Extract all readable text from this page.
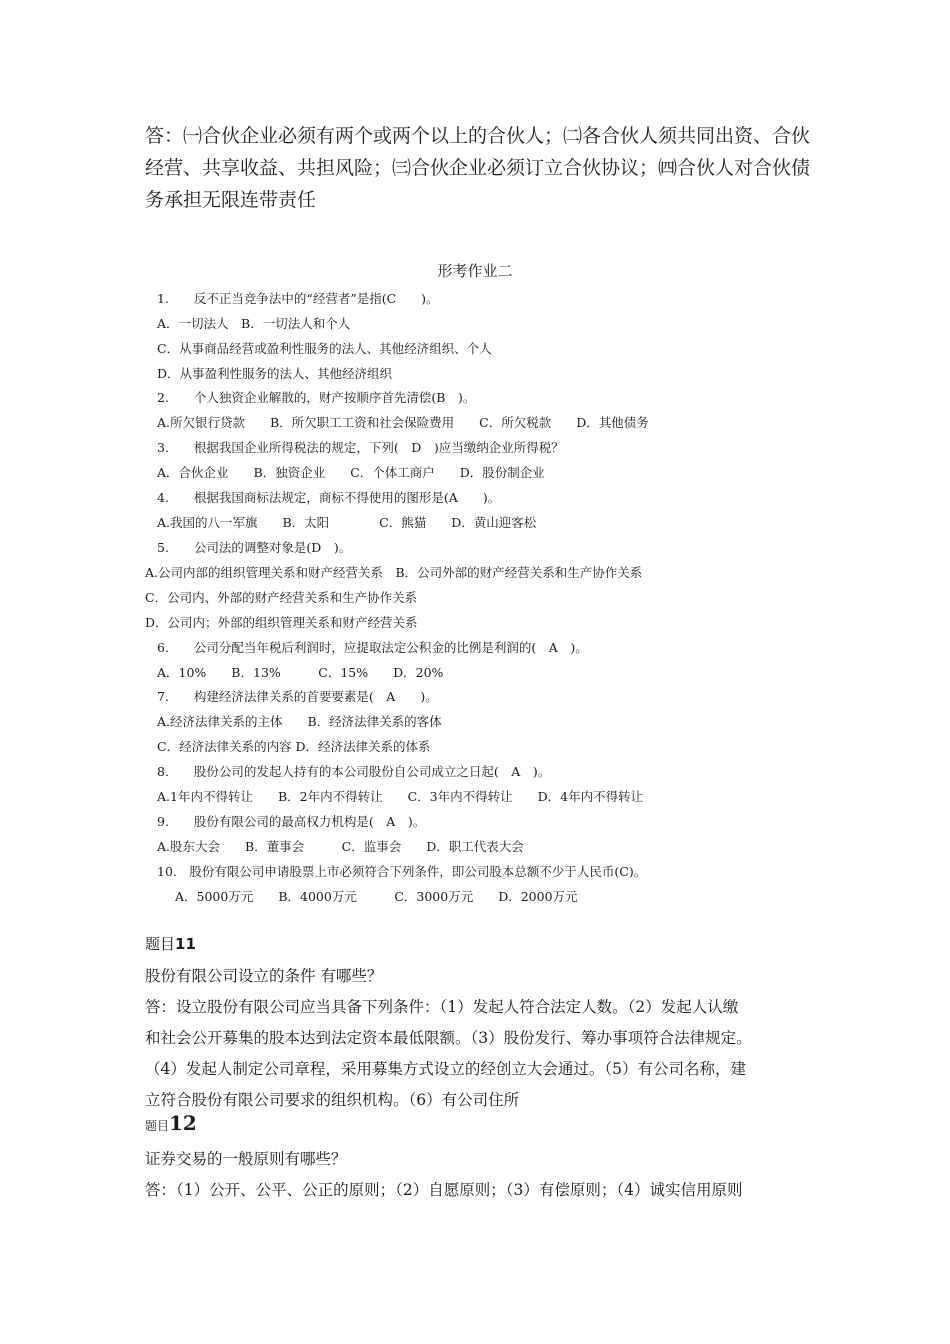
答：㈠合伙企业必须有两个或两个以上的合伙人；㈡各合伙人须共同出资、合伙
经营、共享收益、共担风险；㈢合伙企业必须订立合伙协议；㈣合伙人对合伙债
务承担无限连带责任
形考作业二
1.　　反不正当竞争法中的“经营者”是指(C　　)。
A．一切法人　B．一切法人和个人
C．从事商品经营或盈利性服务的法人、其他经济组织、个人
D．从事盈利性服务的法人、其他经济组织
2.　　个人独资企业解散的，财产按顺序首先清偿(B　)。
A.所欠银行贷款　　B．所欠职工工资和社会保险费用　　C．所欠税款　　D．其他债务
3.　　根据我国企业所得税法的规定，下列(　D　)应当缴纳企业所得税？
A．合伙企业　　B．独资企业　　C．个体工商户　　D．股份制企业
4.　　根据我国商标法规定，商标不得使用的图形是(A　　)。
A.我国的八一军旗　　B．太阳　　　　C．熊猫　　D．黄山迎客松
5.　　公司法的调整对象是(D　)。
A.公司内部的组织管理关系和财产经营关系　B．公司外部的财产经营关系和生产协作关系
C．公司内、外部的财产经营关系和生产协作关系
D．公司内；外部的组织管理关系和财产经营关系
6.　　公司分配当年税后利润时，应提取法定公积金的比例是利润的(　A　)。
A．10%　　B．13%　　　C．15%　　D．20%
7.　　构建经济法律关系的首要要素是(　A　　)。
A.经济法律关系的主体　　B．经济法律关系的客体
C．经济法律关系的内容 D．经济法律关系的体系
8.　　股份公司的发起人持有的本公司股份自公司成立之日起(　A　)。
A.1年内不得转让　　B．2年内不得转让　　C．3年内不得转让　　D．4年内不得转让
9.　　股份有限公司的最高权力机构是(　A　)。
A.股东大会　　B．董事会　　　C．监事会　　D．职工代表大会
10.　股份有限公司申请股票上市必须符合下列条件，即公司股本总额不少于人民币(C)。
A．5000万元　　B．4000万元　　　C．3000万元　　D．2000万元
题目11
股份有限公司设立的条件 有哪些？
答：设立股份有限公司应当具备下列条件：（1）发起人符合法定人数。（2）发起人认缴
和社会公开募集的股本达到法定资本最低限额。（3）股份发行、筹办事项符合法律规定。
（4）发起人制定公司章程，采用募集方式设立的经创立大会通过。（5）有公司名称，建
立符合股份有限公司要求的组织机构。（6）有公司住所
题目12
证券交易的一般原则有哪些？
答：（1）公开、公平、公正的原则；（2）自愿原则；（3）有偿原则；（4）诚实信用原则
